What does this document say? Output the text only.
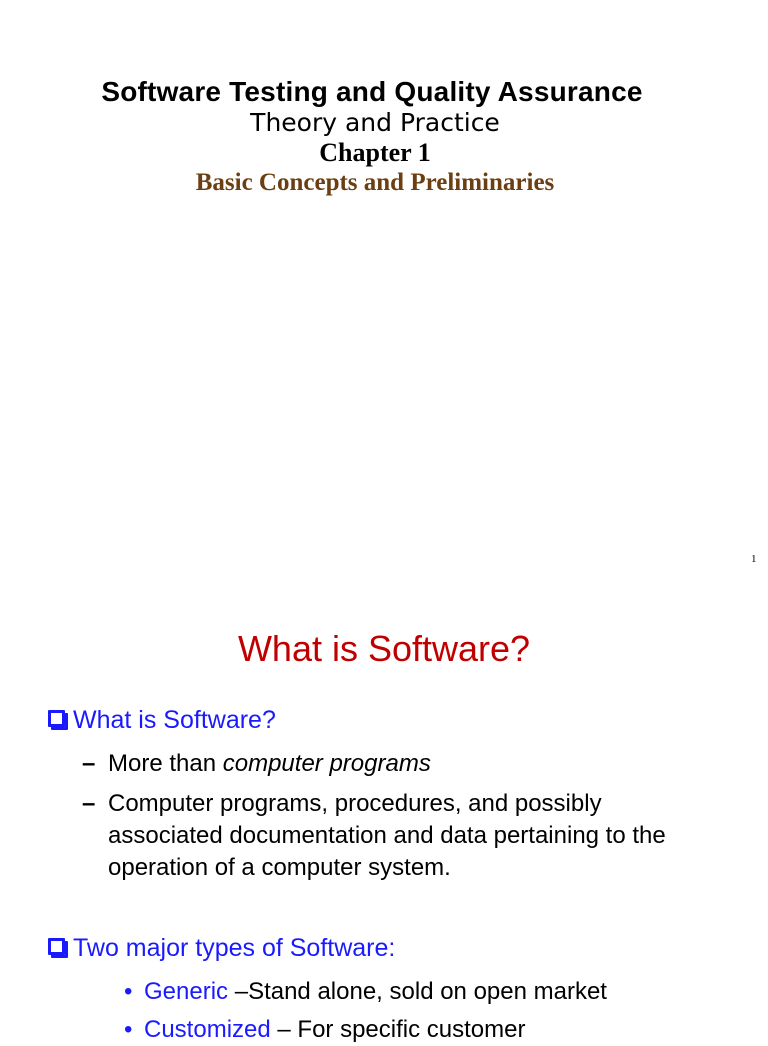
Software Testing and Quality Assurance
Theory and Practice
Chapter 1
Basic Concepts and Preliminaries
1
What is Software?
What is Software?
– More than computer programs
– Computer programs, procedures, and possibly associated documentation and data pertaining to the operation of a computer system.
Two major types of Software:
• Generic –Stand alone, sold on open market
• Customized – For specific customer
